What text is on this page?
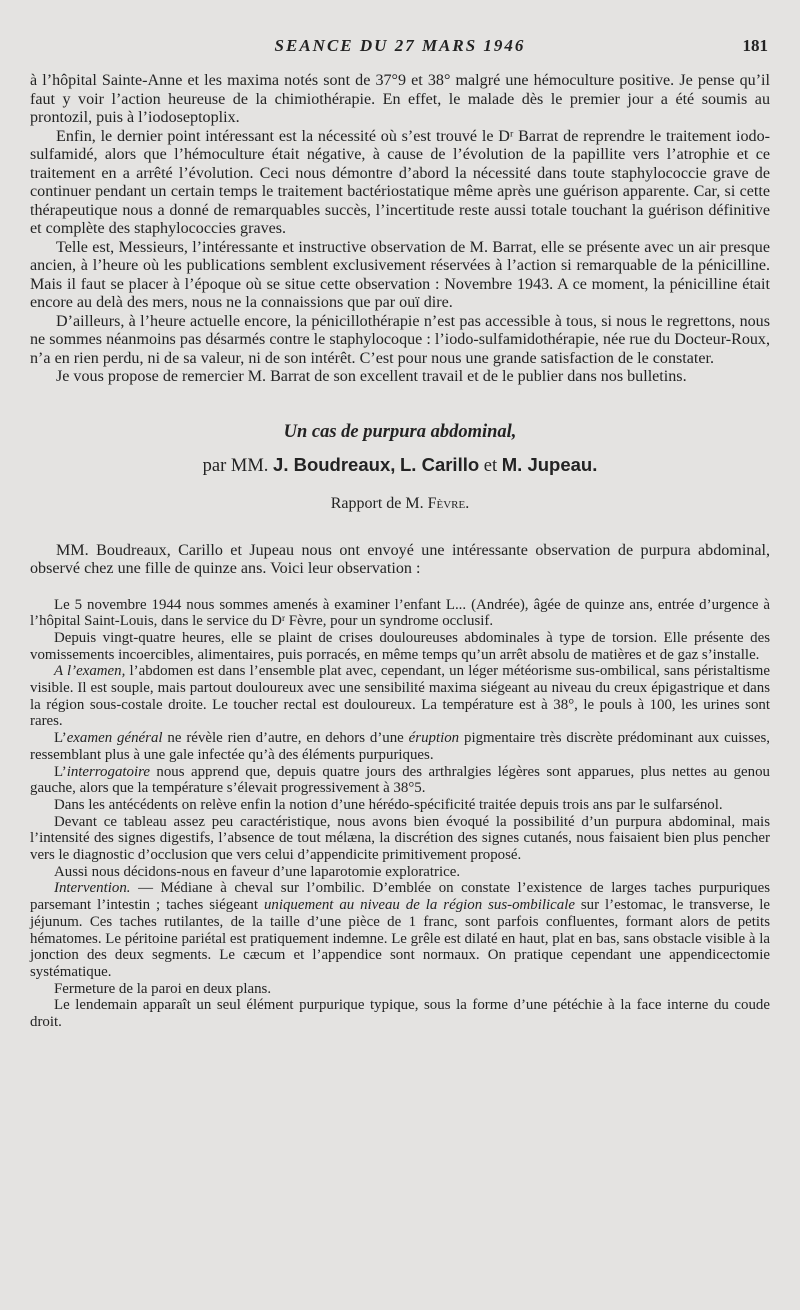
SEANCE DU 27 MARS 1946	181

à l’hôpital Sainte-Anne et les maxima notés sont de 37°9 et 38° malgré une hémoculture positive. Je pense qu’il faut y voir l’action heureuse de la chimiothérapie. En effet, le malade dès le premier jour a été soumis au prontozil, puis à l’iodoseptoplix.

Enfin, le dernier point intéressant est la nécessité où s’est trouvé le Dʳ Barrat de reprendre le traitement iodo-sulfamidé, alors que l’hémoculture était négative, à cause de l’évolution de la papillite vers l’atrophie et ce traitement en a arrêté l’évolution. Ceci nous démontre d’abord la nécessité dans toute staphylococcie grave de continuer pendant un certain temps le traitement bactériostatique même après une guérison apparente. Car, si cette thérapeutique nous a donné de remarquables succès, l’incertitude reste aussi totale touchant la guérison définitive et complète des staphylococcies graves.

Telle est, Messieurs, l’intéressante et instructive observation de M. Barrat, elle se présente avec un air presque ancien, à l’heure où les publications semblent exclusivement réservées à l’action si remarquable de la pénicilline. Mais il faut se placer à l’époque où se situe cette observation : Novembre 1943. A ce moment, la pénicilline était encore au delà des mers, nous ne la connaissions que par ouï dire.

D’ailleurs, à l’heure actuelle encore, la pénicillothérapie n’est pas accessible à tous, si nous le regrettons, nous ne sommes néanmoins pas désarmés contre le staphylocoque : l’iodo-sulfamidothérapie, née rue du Docteur-Roux, n’a en rien perdu, ni de sa valeur, ni de son intérêt. C’est pour nous une grande satisfaction de le constater.

Je vous propose de remercier M. Barrat de son excellent travail et de le publier dans nos bulletins.

Un cas de purpura abdominal,
par MM. J. Boudreaux, L. Carillo et M. Jupeau.
Rapport de M. Fèvre.

MM. Boudreaux, Carillo et Jupeau nous ont envoyé une intéressante observation de purpura abdominal, observé chez une fille de quinze ans. Voici leur observation :

Le 5 novembre 1944 nous sommes amenés à examiner l’enfant L... (Andrée), âgée de quinze ans, entrée d’urgence à l’hôpital Saint-Louis, dans le service du Dʳ Fèvre, pour un syndrome occlusif.

Depuis vingt-quatre heures, elle se plaint de crises douloureuses abdominales à type de torsion. Elle présente des vomissements incoercibles, alimentaires, puis porracés, en même temps qu’un arrêt absolu de matières et de gaz s’installe.

A l’examen, l’abdomen est dans l’ensemble plat avec, cependant, un léger météorisme sus-ombilical, sans péristaltisme visible. Il est souple, mais partout douloureux avec une sensibilité maxima siégeant au niveau du creux épigastrique et dans la région sous-costale droite. Le toucher rectal est douloureux. La température est à 38°, le pouls à 100, les urines sont rares.

L’examen général ne révèle rien d’autre, en dehors d’une éruption pigmentaire très discrète prédominant aux cuisses, ressemblant plus à une gale infectée qu’à des éléments purpuriques.

L’interrogatoire nous apprend que, depuis quatre jours des arthralgies légères sont apparues, plus nettes au genou gauche, alors que la température s’élevait progressivement à 38°5.

Dans les antécédents on relève enfin la notion d’une hérédo-spécificité traitée depuis trois ans par le sulfarsénol.

Devant ce tableau assez peu caractéristique, nous avons bien évoqué la possibilité d’un purpura abdominal, mais l’intensité des signes digestifs, l’absence de tout mélæna, la discrétion des signes cutanés, nous faisaient bien plus pencher vers le diagnostic d’occlusion que vers celui d’appendicite primitivement proposé.

Aussi nous décidons-nous en faveur d’une laparotomie exploratrice.

Intervention. — Médiane à cheval sur l’ombilic. D’emblée on constate l’existence de larges taches purpuriques parsemant l’intestin ; taches siégeant uniquement au niveau de la région sus-ombilicale sur l’estomac, le transverse, le jéjunum. Ces taches rutilantes, de la taille d’une pièce de 1 franc, sont parfois confluentes, formant alors de petits hématomes. Le péritoine pariétal est pratiquement indemne. Le grêle est dilaté en haut, plat en bas, sans obstacle visible à la jonction des deux segments. Le cæcum et l’appendice sont normaux. On pratique cependant une appendicectomie systématique.

Fermeture de la paroi en deux plans.

Le lendemain apparaît un seul élément purpurique typique, sous la forme d’une pétéchie à la face interne du coude droit.
